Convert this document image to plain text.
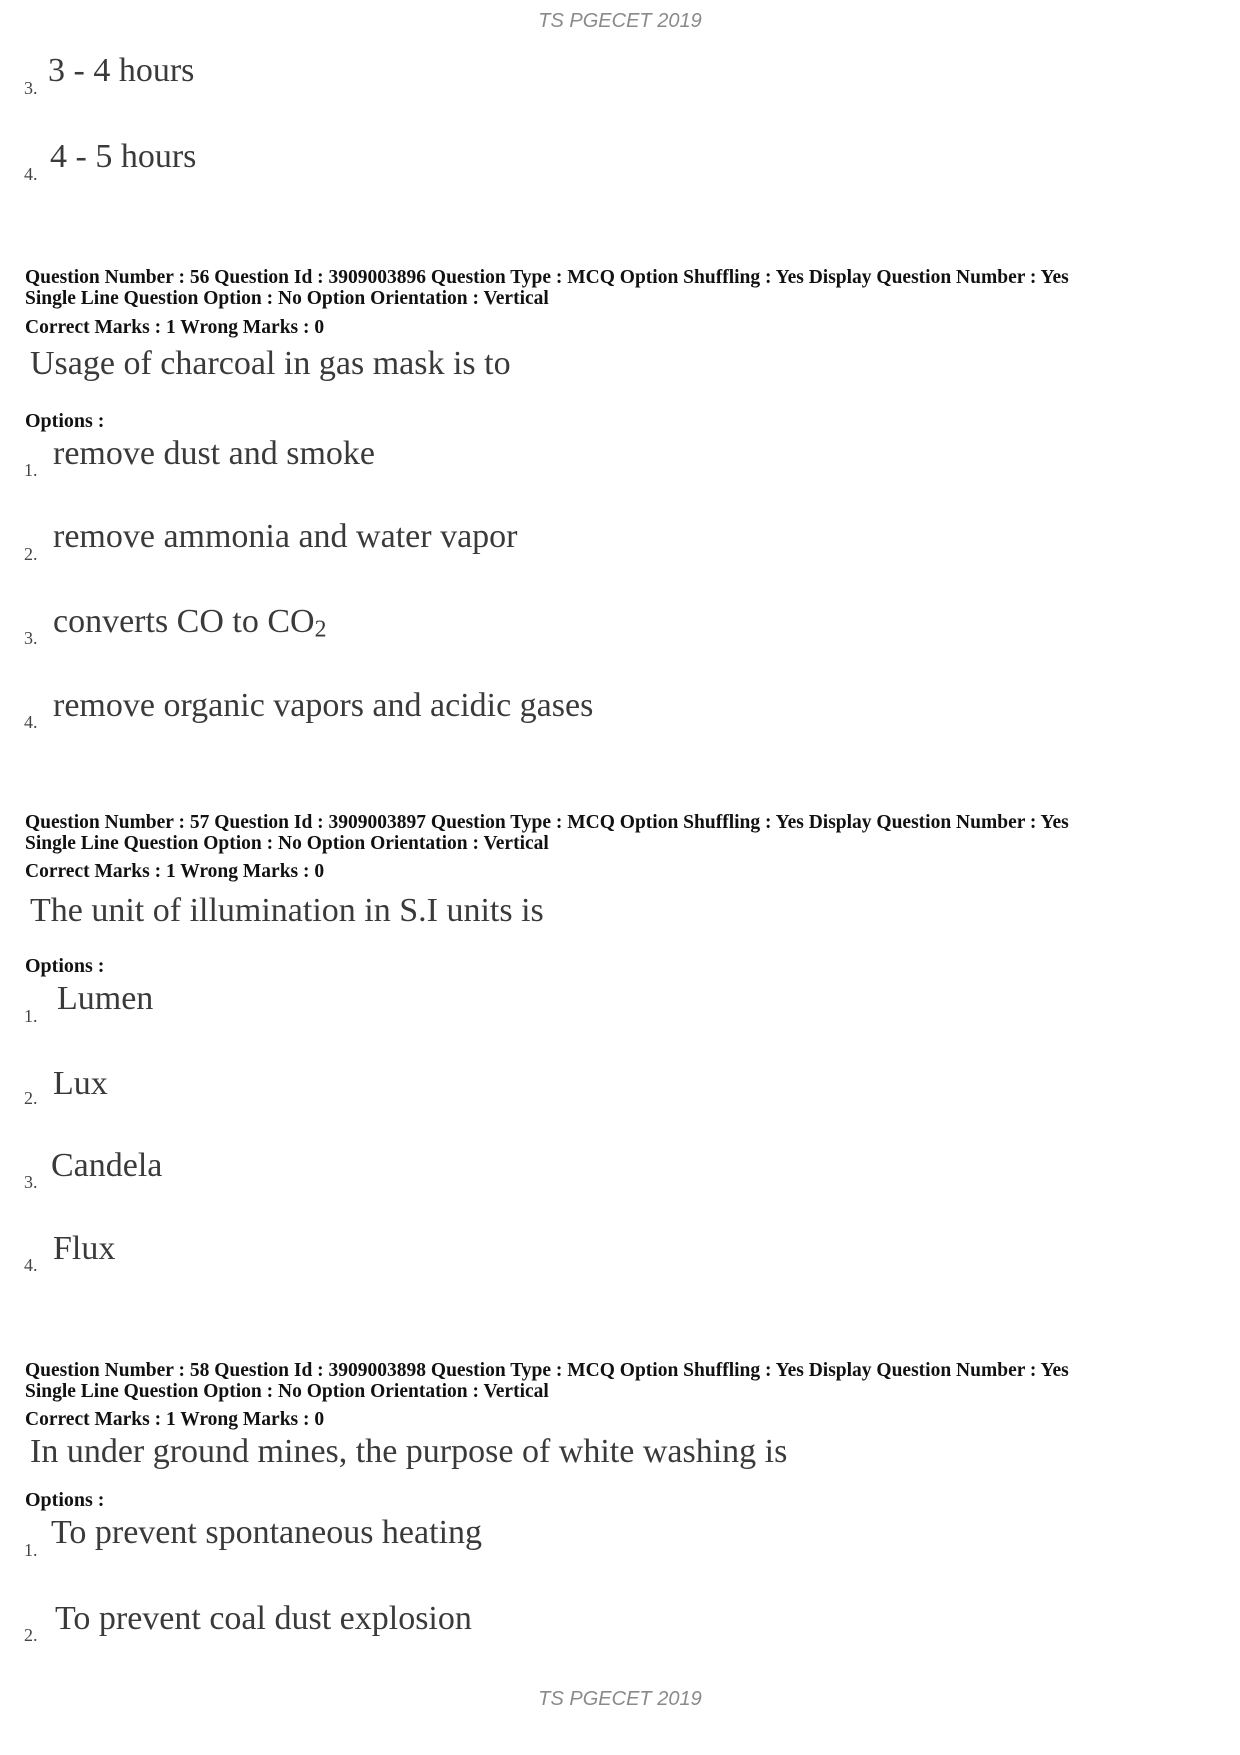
TS PGECET 2019
3. 3 - 4 hours
4. 4 - 5 hours
Question Number : 56 Question Id : 3909003896 Question Type : MCQ Option Shuffling : Yes Display Question Number : Yes
Single Line Question Option : No Option Orientation : Vertical
Correct Marks : 1 Wrong Marks : 0
Usage of charcoal in gas mask is to
Options :
1. remove dust and smoke
2. remove ammonia and water vapor
3. converts CO to $CO_2$
4. remove organic vapors and acidic gases
Question Number : 57 Question Id : 3909003897 Question Type : MCQ Option Shuffling : Yes Display Question Number : Yes
Single Line Question Option : No Option Orientation : Vertical
Correct Marks : 1 Wrong Marks : 0
The unit of illumination in S.I units is
Options :
1. Lumen
2. Lux
3. Candela
4. Flux
Question Number : 58 Question Id : 3909003898 Question Type : MCQ Option Shuffling : Yes Display Question Number : Yes
Single Line Question Option : No Option Orientation : Vertical
Correct Marks : 1 Wrong Marks : 0
In under ground mines, the purpose of white washing is
Options :
1. To prevent spontaneous heating
2. To prevent coal dust explosion
TS PGECET 2019
